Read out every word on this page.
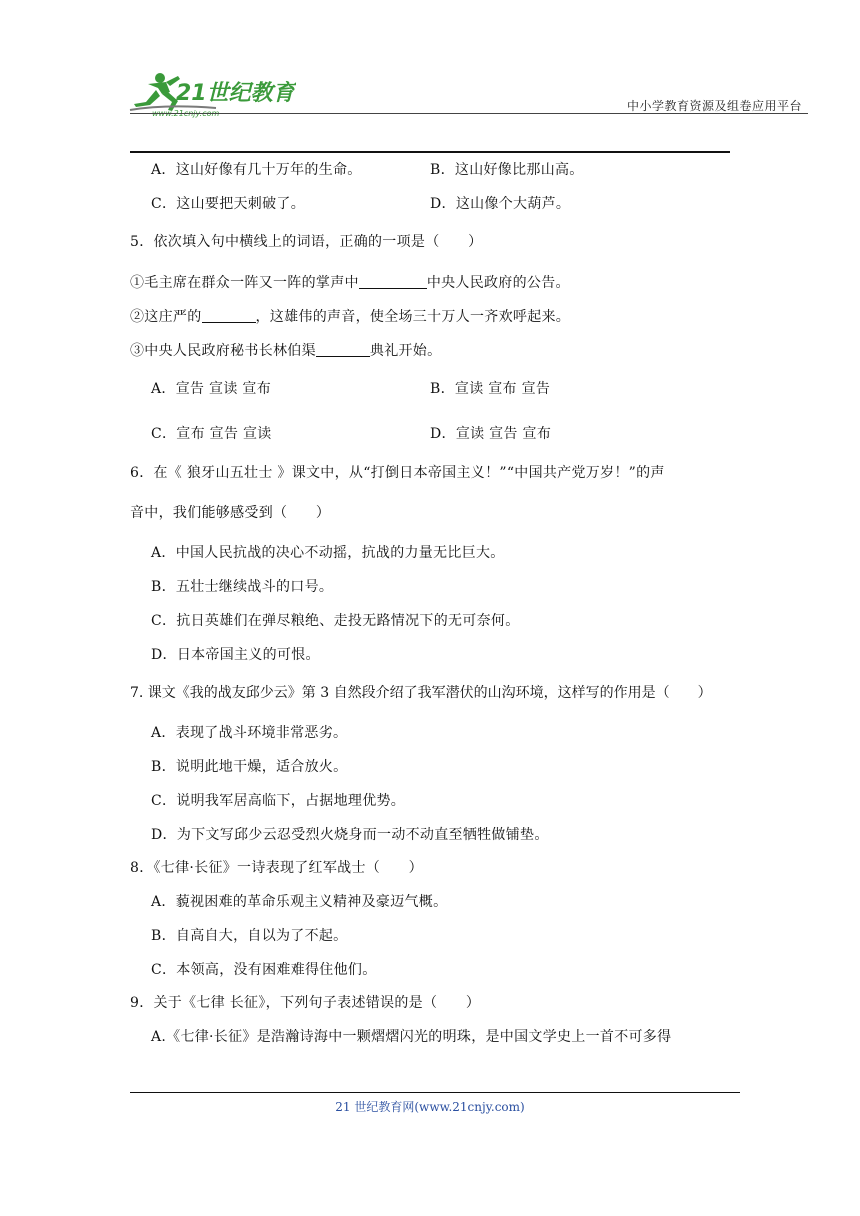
21世纪教育	中小学教育资源及组卷应用平台
A．这山好像有几十万年的生命。	B．这山好像比那山高。
C．这山要把天刺破了。	D．这山像个大葫芦。
5．依次填入句中横线上的词语，正确的一项是（　　）
①毛主席在群众一阵又一阵的掌声中	中央人民政府的公告。
②这庄严的	，这雄伟的声音，使全场三十万人一齐欢呼起来。
③中央人民政府秘书长林伯渠	典礼开始。
A．宣告 宣读 宣布	B．宣读 宣布 宣告
C．宣布 宣告 宣读	D．宣读 宣告 宣布
6．在《 狼牙山五壮士 》课文中，从“打倒日本帝国主义！”“中国共产党万岁！”的声
音中，我们能够感受到（　　）
A．中国人民抗战的决心不动摇，抗战的力量无比巨大。
B．五壮士继续战斗的口号。
C．抗日英雄们在弹尽粮绝、走投无路情况下的无可奈何。
D．日本帝国主义的可恨。
7. 课文《我的战友邱少云》第 3 自然段介绍了我军潜伏的山沟环境，这样写的作用是（　　）
A．表现了战斗环境非常恶劣。
B．说明此地干燥，适合放火。
C．说明我军居高临下，占据地理优势。
D．为下文写邱少云忍受烈火烧身而一动不动直至牺牲做铺垫。
8．《七律·长征》一诗表现了红军战士（　　）
A．藐视困难的革命乐观主义精神及豪迈气概。
B．自高自大，自以为了不起。
C．本领高，没有困难难得住他们。
9．关于《七律 长征》，下列句子表述错误的是（　　）
A.《七律·长征》是浩瀚诗海中一颗熠熠闪光的明珠，是中国文学史上一首不可多得
21 世纪教育网(www.21cnjy.com)
